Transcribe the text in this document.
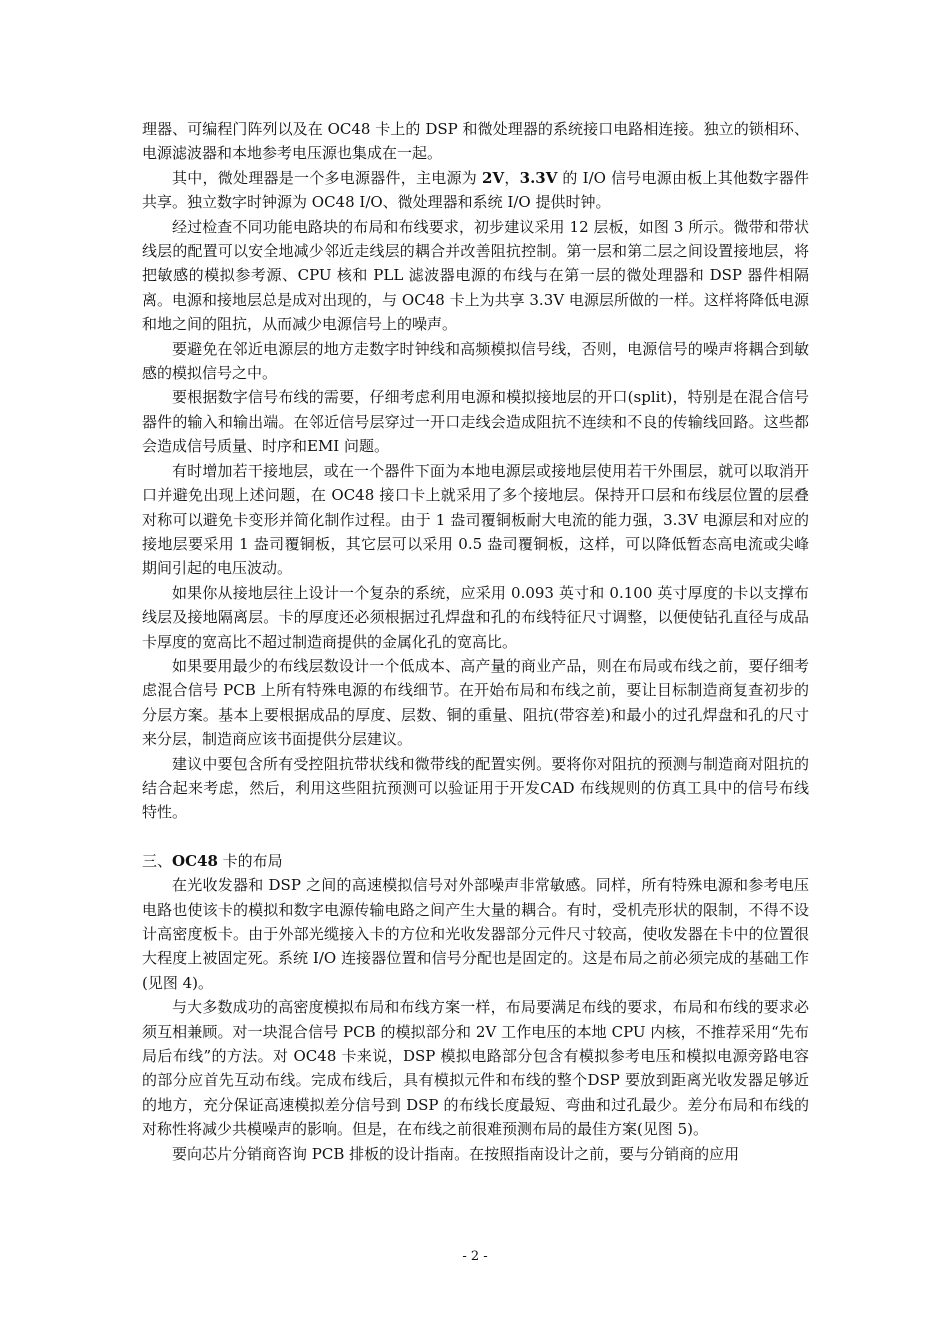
理器、可编程门阵列以及在 OC48 卡上的 DSP 和微处理器的系统接口电路相连接。独立的锁相环、电源滤波器和本地参考电压源也集成在一起。

其中，微处理器是一个多电源器件，主电源为 2V，3.3V 的 I/O 信号电源由板上其他数字器件共享。独立数字时钟源为 OC48 I/O、微处理器和系统 I/O 提供时钟。

经过检查不同功能电路块的布局和布线要求，初步建议采用 12 层板，如图 3 所示。微带和带状线层的配置可以安全地减少邻近走线层的耦合并改善阻抗控制。第一层和第二层之间设置接地层，将把敏感的模拟参考源、CPU 核和 PLL 滤波器电源的布线与在第一层的微处理器和 DSP 器件相隔离。电源和接地层总是成对出现的，与 OC48 卡上为共享 3.3V 电源层所做的一样。这样将降低电源和地之间的阻抗，从而减少电源信号上的噪声。

要避免在邻近电源层的地方走数字时钟线和高频模拟信号线，否则，电源信号的噪声将耦合到敏感的模拟信号之中。

要根据数字信号布线的需要，仔细考虑利用电源和模拟接地层的开口(split)，特别是在混合信号器件的输入和输出端。在邻近信号层穿过一开口走线会造成阻抗不连续和不良的传输线回路。这些都会造成信号质量、时序和EMI 问题。

有时增加若干接地层，或在一个器件下面为本地电源层或接地层使用若干外围层，就可以取消开口并避免出现上述问题，在 OC48 接口卡上就采用了多个接地层。保持开口层和布线层位置的层叠对称可以避免卡变形并简化制作过程。由于 1 盎司覆铜板耐大电流的能力强，3.3V 电源层和对应的接地层要采用 1 盎司覆铜板，其它层可以采用 0.5 盎司覆铜板，这样，可以降低暂态高电流或尖峰期间引起的电压波动。

如果你从接地层往上设计一个复杂的系统，应采用 0.093 英寸和 0.100 英寸厚度的卡以支撑布线层及接地隔离层。卡的厚度还必须根据过孔焊盘和孔的布线特征尺寸调整，以便使钻孔直径与成品卡厚度的宽高比不超过制造商提供的金属化孔的宽高比。

如果要用最少的布线层数设计一个低成本、高产量的商业产品，则在布局或布线之前，要仔细考虑混合信号 PCB 上所有特殊电源的布线细节。在开始布局和布线之前，要让目标制造商复查初步的分层方案。基本上要根据成品的厚度、层数、铜的重量、阻抗(带容差)和最小的过孔焊盘和孔的尺寸来分层，制造商应该书面提供分层建议。

建议中要包含所有受控阻抗带状线和微带线的配置实例。要将你对阻抗的预测与制造商对阻抗的结合起来考虑，然后，利用这些阻抗预测可以验证用于开发CAD 布线规则的仿真工具中的信号布线特性。

三、OC48 卡的布局

在光收发器和 DSP 之间的高速模拟信号对外部噪声非常敏感。同样，所有特殊电源和参考电压电路也使该卡的模拟和数字电源传输电路之间产生大量的耦合。有时，受机壳形状的限制，不得不设计高密度板卡。由于外部光缆接入卡的方位和光收发器部分元件尺寸较高，使收发器在卡中的位置很大程度上被固定死。系统 I/O 连接器位置和信号分配也是固定的。这是布局之前必须完成的基础工作(见图 4)。

与大多数成功的高密度模拟布局和布线方案一样，布局要满足布线的要求，布局和布线的要求必须互相兼顾。对一块混合信号 PCB 的模拟部分和 2V 工作电压的本地 CPU 内核，不推荐采用“先布局后布线”的方法。对 OC48 卡来说，DSP 模拟电路部分包含有模拟参考电压和模拟电源旁路电容的部分应首先互动布线。完成布线后，具有模拟元件和布线的整个DSP 要放到距离光收发器足够近的地方，充分保证高速模拟差分信号到 DSP 的布线长度最短、弯曲和过孔最少。差分布局和布线的对称性将减少共模噪声的影响。但是，在布线之前很难预测布局的最佳方案(见图 5)。

要向芯片分销商咨询 PCB 排板的设计指南。在按照指南设计之前，要与分销商的应用

- 2 -
